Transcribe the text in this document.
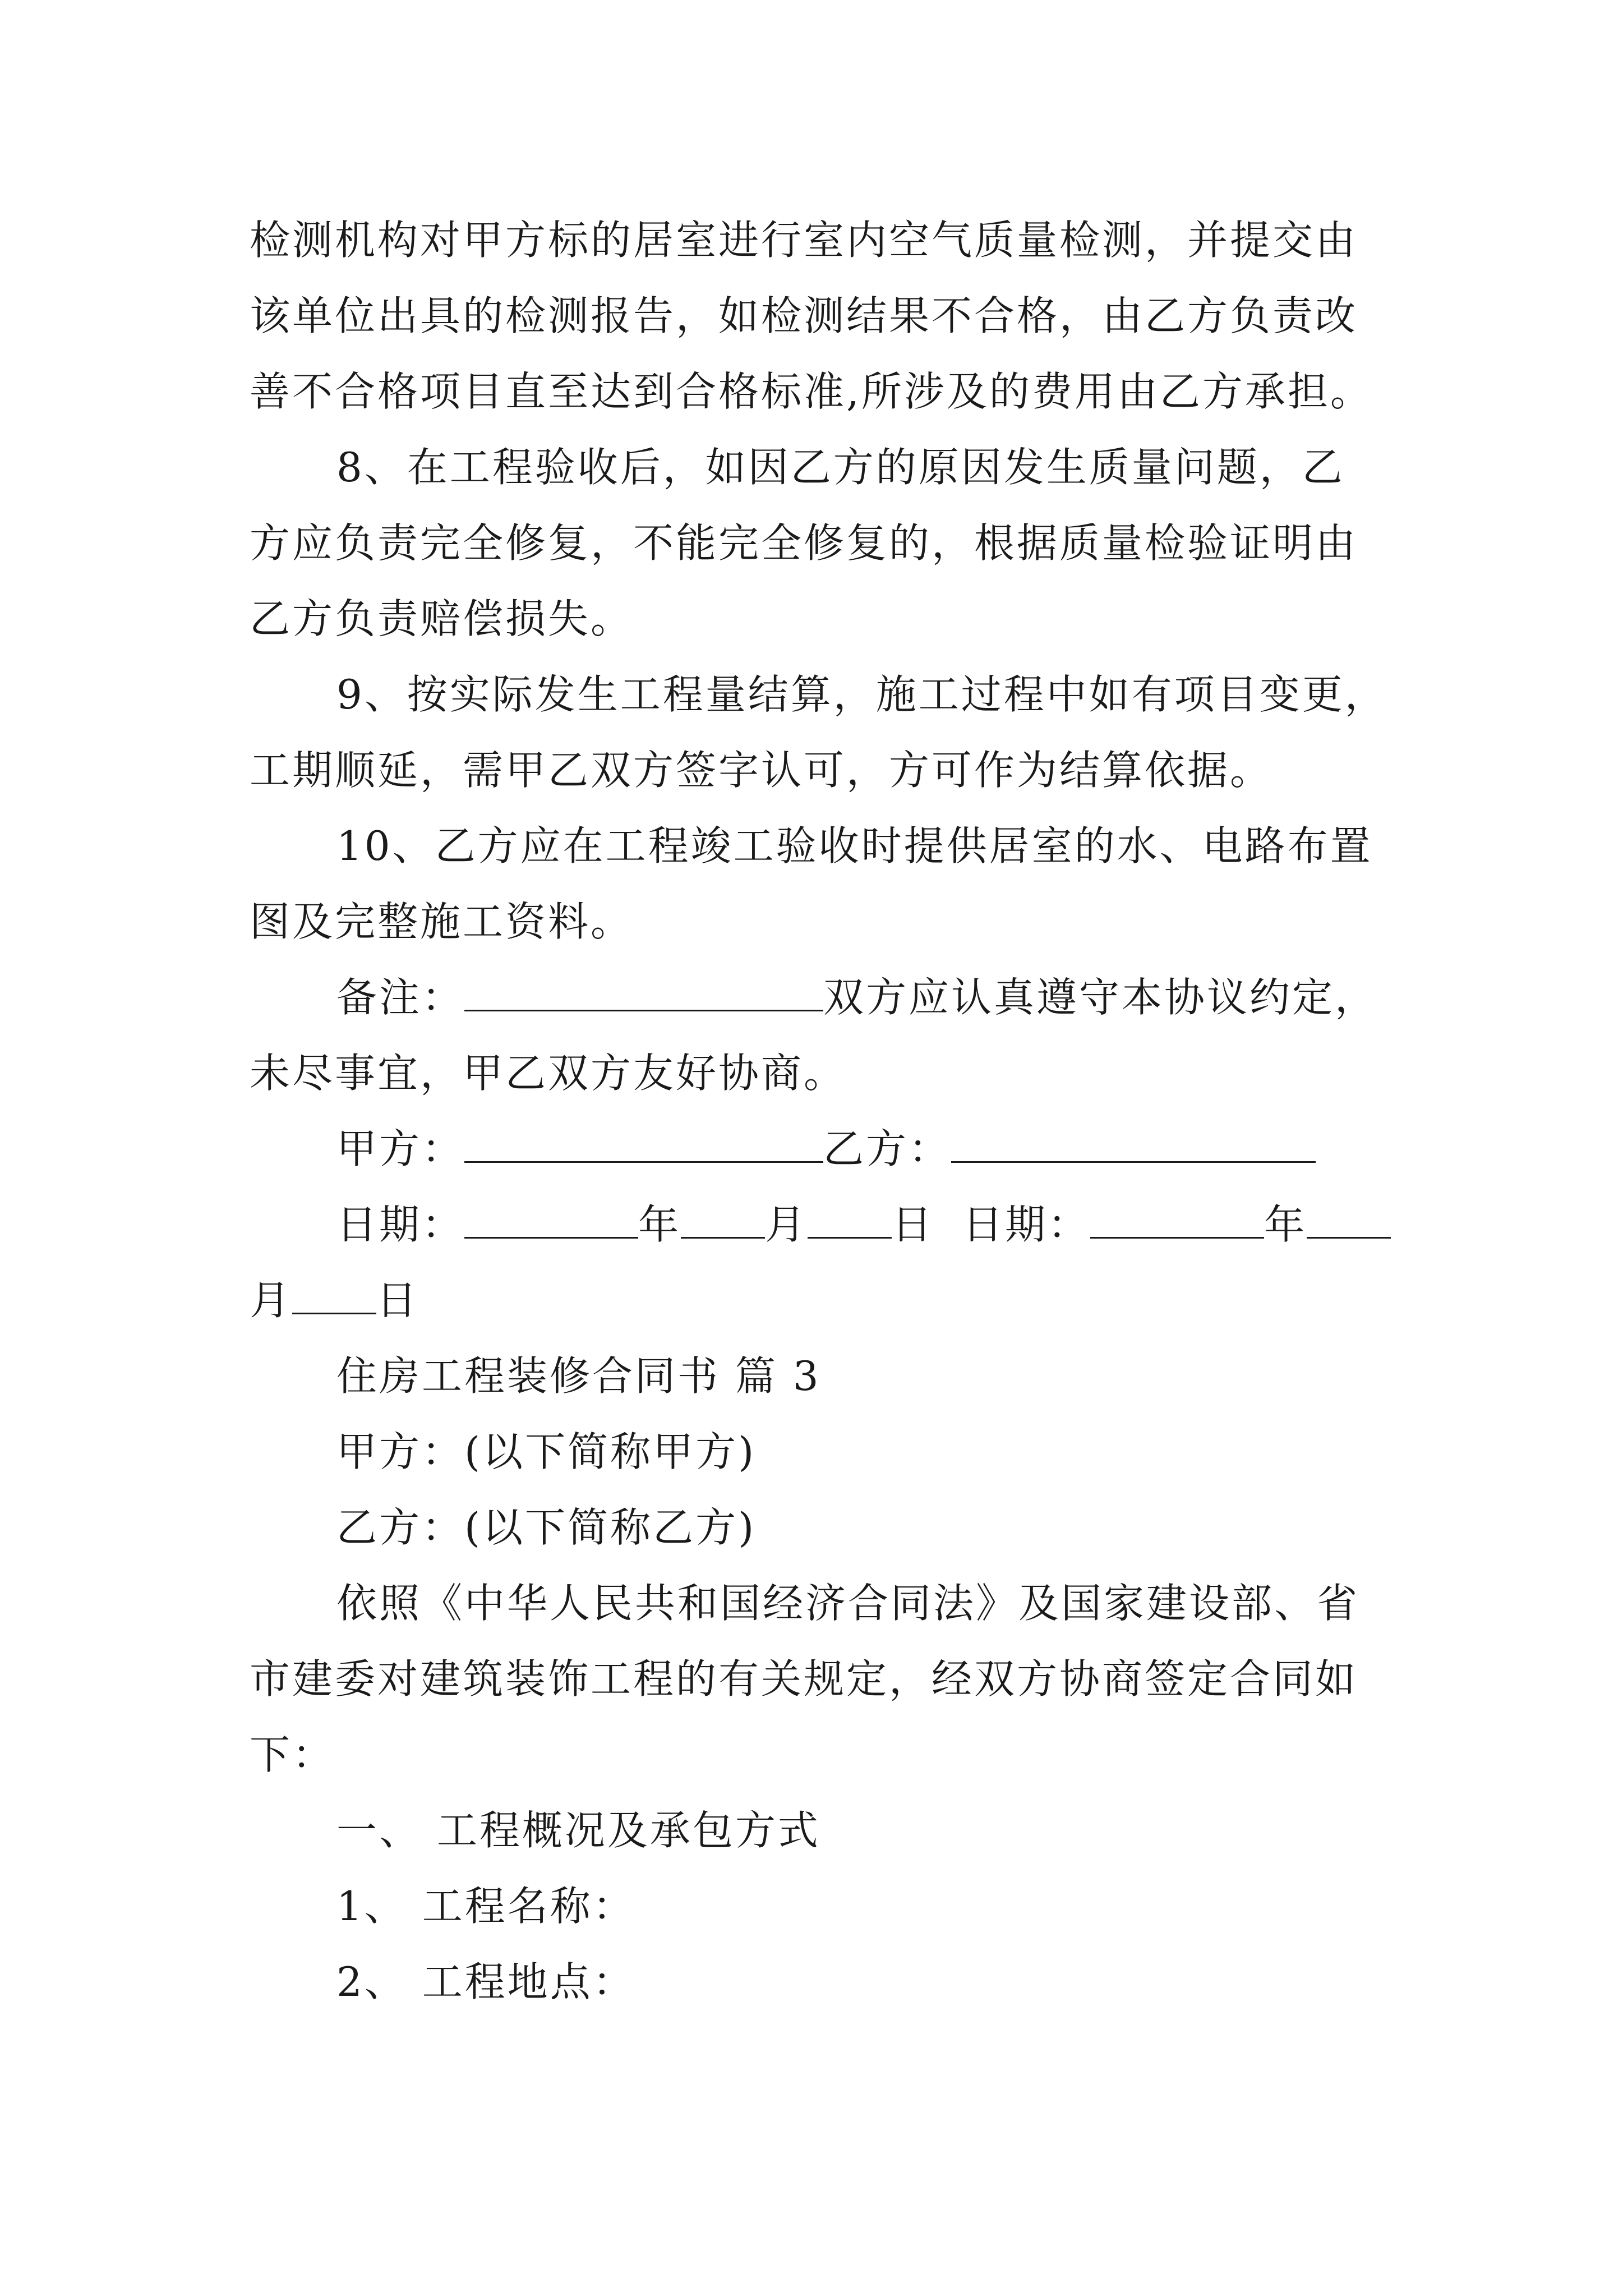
检测机构对甲方标的居室进行室内空气质量检测，并提交由
该单位出具的检测报告，如检测结果不合格，由乙方负责改
善不合格项目直至达到合格标准,所涉及的费用由乙方承担。
8、在工程验收后，如因乙方的原因发生质量问题，乙
方应负责完全修复，不能完全修复的，根据质量检验证明由
乙方负责赔偿损失。
9、按实际发生工程量结算，施工过程中如有项目变更，
工期顺延，需甲乙双方签字认可，方可作为结算依据。
10、乙方应在工程竣工验收时提供居室的水、电路布置
图及完整施工资料。
备注：	双方应认真遵守本协议约定，
未尽事宜，甲乙双方友好协商。
甲方：	乙方：
日期：	年 月 日 日期：	年
月 日
住房工程装修合同书 篇 3
甲方：(以下简称甲方)
乙方：(以下简称乙方)
依照《中华人民共和国经济合同法》及国家建设部、省
市建委对建筑装饰工程的有关规定，经双方协商签定合同如
下：
一、 工程概况及承包方式
1、 工程名称：
2、 工程地点：
